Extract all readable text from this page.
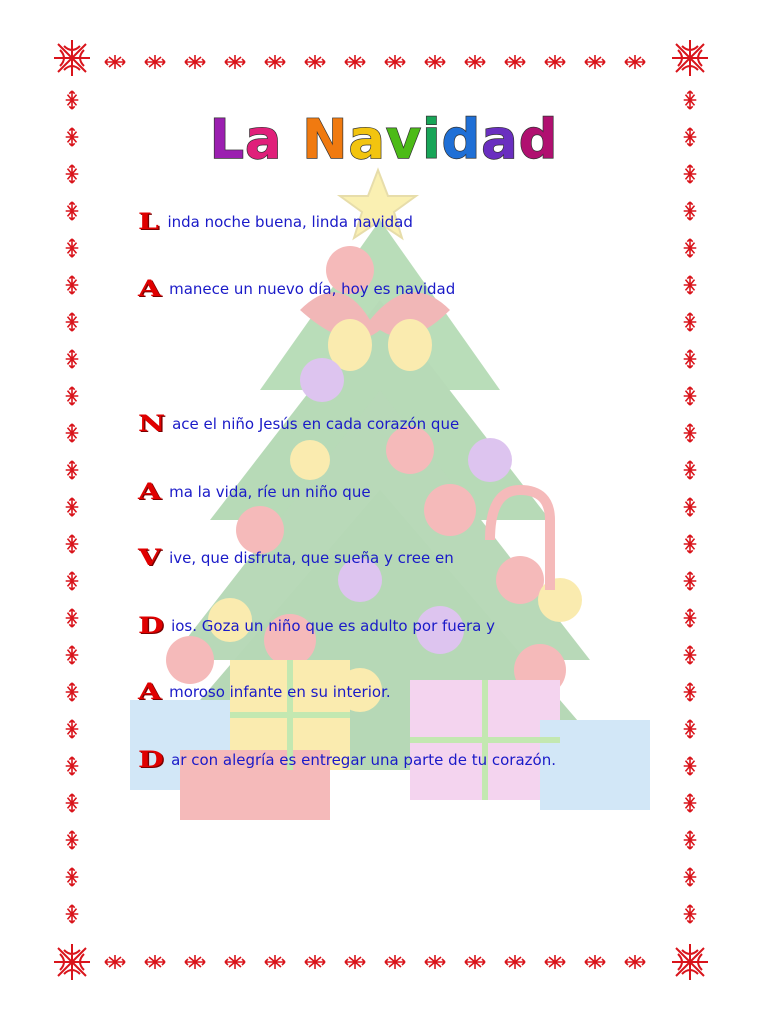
La Navidad
L inda noche buena, linda navidad
A manece un nuevo día, hoy es navidad
N ace el niño Jesús en cada corazón que
A ma la vida, ríe un niño que
V ive, que disfruta, que sueña y cree en
D ios. Goza un niño que es adulto por fuera y
A moroso infante en su interior.
D ar con alegría es entregar una parte de tu corazón.
